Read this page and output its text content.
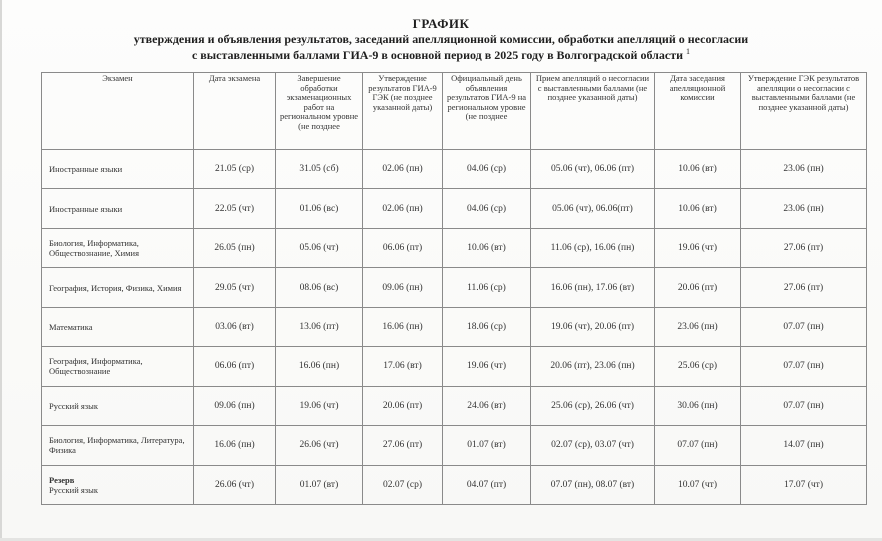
ГРАФИК
утверждения и объявления результатов, заседаний апелляционной комиссии, обработки апелляций о несогласии
с выставленными баллами ГИА-9 в основной период в 2025 году в Волгоградской области $^1$
Экзамен	Дата экзамена	Завершение обработки экзаменационных работ на региональном уровне (не позднее	Утверждение результатов ГИА-9 ГЭК (не позднее указанной даты)	Официальный день объявления результатов ГИА-9 на региональном уровне (не позднее	Прием апелляций о несогласии с выставленными баллами (не позднее указанной даты)	Дата заседания апелляционной комиссии	Утверждение ГЭК результатов апелляции о несогласии с выставленными баллами (не позднее указанной даты)
Иностранные языки	21.05 (ср)	31.05 (сб)	02.06 (пн)	04.06 (ср)	05.06 (чт), 06.06 (пт)	10.06 (вт)	23.06 (пн)
Иностранные языки	22.05 (чт)	01.06 (вс)	02.06 (пн)	04.06 (ср)	05.06 (чт), 06.06(пт)	10.06 (вт)	23.06 (пн)
Биология, Информатика, Обществознание, Химия	26.05 (пн)	05.06 (чт)	06.06 (пт)	10.06 (вт)	11.06 (ср), 16.06 (пн)	19.06 (чт)	27.06 (пт)
География, История, Физика, Химия	29.05 (чт)	08.06 (вс)	09.06 (пн)	11.06 (ср)	16.06 (пн), 17.06 (вт)	20.06 (пт)	27.06 (пт)
Математика	03.06 (вт)	13.06 (пт)	16.06 (пн)	18.06 (ср)	19.06 (чт), 20.06 (пт)	23.06 (пн)	07.07 (пн)
География, Информатика, Обществознание	06.06 (пт)	16.06 (пн)	17.06 (вт)	19.06 (чт)	20.06 (пт), 23.06 (пн)	25.06 (ср)	07.07 (пн)
Русский язык	09.06 (пн)	19.06 (чт)	20.06 (пт)	24.06 (вт)	25.06 (ср), 26.06 (чт)	30.06 (пн)	07.07 (пн)
Биология, Информатика, Литература, Физика	16.06 (пн)	26.06 (чт)	27.06 (пт)	01.07 (вт)	02.07 (ср), 03.07 (чт)	07.07 (пн)	14.07 (пн)

Резерв
Русский язык	26.06 (чт)	01.07 (вт)	02.07 (ср)	04.07 (пт)	07.07 (пн), 08.07 (вт)	10.07 (чт)	17.07 (чт)
